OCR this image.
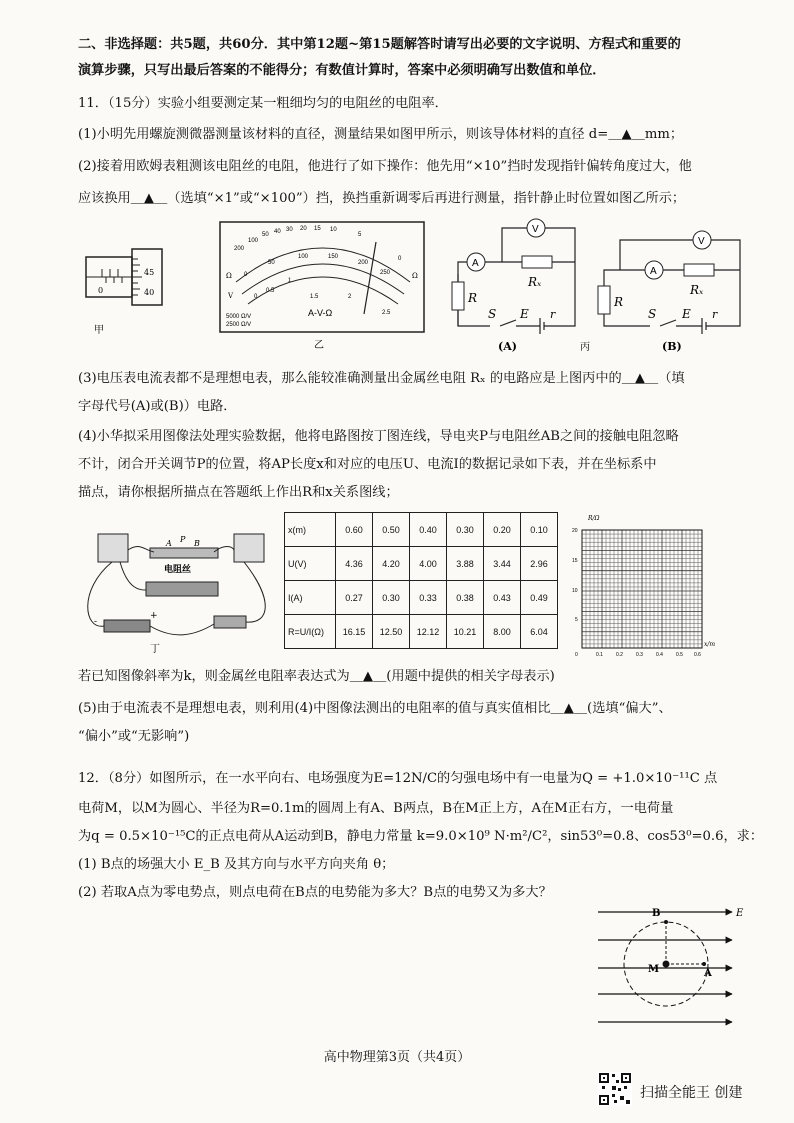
二、非选择题：共5题，共60分．其中第12题~第15题解答时请写出必要的文字说明、方程式和重要的
演算步骤，只写出最后答案的不能得分；有数值计算时，答案中必须明确写出数值和单位．
11．（15分）实验小组要测定某一粗细均匀的电阻丝的电阻率．
(1)小明先用螺旋测微器测量该材料的直径，测量结果如图甲所示，则该导体材料的直径 d=＿▲＿mm；
(2)接着用欧姆表粗测该电阻丝的电阻，他进行了如下操作：他先用“×10”挡时发现指针偏转角度过大，他
应该换用＿▲＿（选填“×1”或“×100”）挡，换挡重新调零后再进行测量，指针静止时位置如图乙所示；
45
40
0
甲
200
100
50 40 30 20 15 10
5
0
0
50
100	150
200
250
0
0.5
1
1.5	2
2.5
Ω	Ω
V
A-V-Ω
5000 Ω/V
2500 Ω/V
乙
A
V
Rₓ
R
S E r
(A)	丙
A
V
Rₓ
R
S E r
(B)
(3)电压表电流表都不是理想电表，那么能较准确测量出金属丝电阻 Rₓ 的电路应是上图丙中的＿▲＿（填
字母代号(A)或(B)）电路．
(4)小华拟采用图像法处理实验数据，他将电路图按丁图连线，导电夹P与电阻丝AB之间的接触电阻忽略
不计，闭合开关调节P的位置，将AP长度x和对应的电压U、电流I的数据记录如下表，并在坐标系中
描点，请你根据所描点在答题纸上作出R和x关系图线；
A P B
电阻丝
-
+
丁
x(m)	0.60	0.50	0.40	0.30	0.20	0.10
U(V)	4.36	4.20	4.00	3.88	3.44	2.96
I(A)	0.27	0.30	0.33	0.38	0.43	0.49
R=U/I(Ω)	16.15	12.50	12.12	10.21	8.00	6.04
R/Ω
x/m
20
15
10
5
0	0.1	0.2	0.3	0.4	0.5 0.6
若已知图像斜率为k，则金属丝电阻率表达式为＿▲＿(用题中提供的相关字母表示)
(5)由于电流表不是理想电表，则利用(4)中图像法测出的电阻率的值与真实值相比＿▲＿(选填“偏大”、
“偏小”或“无影响”)
12．（8分）如图所示，在一水平向右、电场强度为E=12N/C的匀强电场中有一电量为Q = +1.0×10⁻¹¹C 点
电荷M，以M为圆心、半径为R=0.1m的圆周上有A、B两点，B在M正上方，A在M正右方，一电荷量
为q = 0.5×10⁻¹⁵C的正点电荷从A运动到B，静电力常量 k=9.0×10⁹ N·m²/C²，sin53⁰=0.8、cos53⁰=0.6，求：
(1) B点的场强大小 E_B 及其方向与水平方向夹角 θ；
(2) 若取A点为零电势点，则点电荷在B点的电势能为多大？B点的电势又为多大？
B	E
M	A
高中物理第3页（共4页）
扫描全能王 创建
